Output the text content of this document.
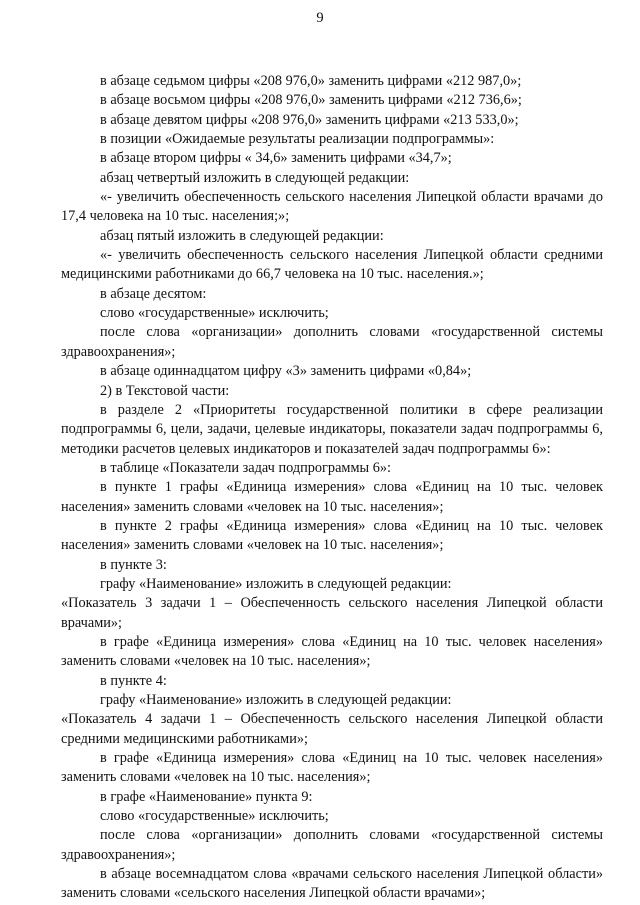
9

в абзаце седьмом цифры «208 976,0» заменить цифрами «212 987,0»;

в абзаце восьмом цифры «208 976,0» заменить цифрами «212 736,6»;

в абзаце девятом цифры «208 976,0» заменить цифрами «213 533,0»;

в позиции «Ожидаемые результаты реализации подпрограммы»:

в абзаце втором цифры « 34,6» заменить цифрами «34,7»;

абзац четвертый изложить в следующей редакции:

«- увеличить обеспеченность сельского населения Липецкой области врачами до 17,4 человека на 10 тыс. населения;»;

абзац пятый изложить в следующей редакции:

«- увеличить обеспеченность сельского населения Липецкой области средними медицинскими работниками до 66,7 человека на 10 тыс. населения.»;

в абзаце десятом:

слово «государственные» исключить;

после слова «организации» дополнить словами «государственной системы здравоохранения»;

в абзаце одиннадцатом цифру «3» заменить цифрами «0,84»;

2) в Текстовой части:

в разделе 2 «Приоритеты государственной политики в сфере реализации подпрограммы 6, цели, задачи, целевые индикаторы, показатели задач подпрограммы 6, методики расчетов целевых индикаторов и показателей задач подпрограммы 6»:

в таблице «Показатели задач подпрограммы 6»:

в пункте 1 графы «Единица измерения» слова «Единиц на 10 тыс. человек населения» заменить словами «человек на 10 тыс. населения»;

в пункте 2 графы «Единица измерения» слова «Единиц на 10 тыс. человек населения» заменить словами «человек на 10 тыс. населения»;

в пункте 3:

графу «Наименование» изложить в следующей редакции:

«Показатель 3 задачи 1 – Обеспеченность сельского населения Липецкой области врачами»;

в графе «Единица измерения» слова «Единиц на 10 тыс. человек населения» заменить словами «человек на 10 тыс. населения»;

в пункте 4:

графу «Наименование» изложить в следующей редакции:

«Показатель 4 задачи 1 – Обеспеченность сельского населения Липецкой области средними медицинскими работниками»;

в графе «Единица измерения» слова «Единиц на 10 тыс. человек населения» заменить словами «человек на 10 тыс. населения»;

в графе «Наименование» пункта 9:

слово «государственные» исключить;

после слова «организации» дополнить словами «государственной системы здравоохранения»;

в абзаце восемнадцатом слова «врачами сельского населения Липецкой области» заменить словами «сельского населения Липецкой области врачами»;
